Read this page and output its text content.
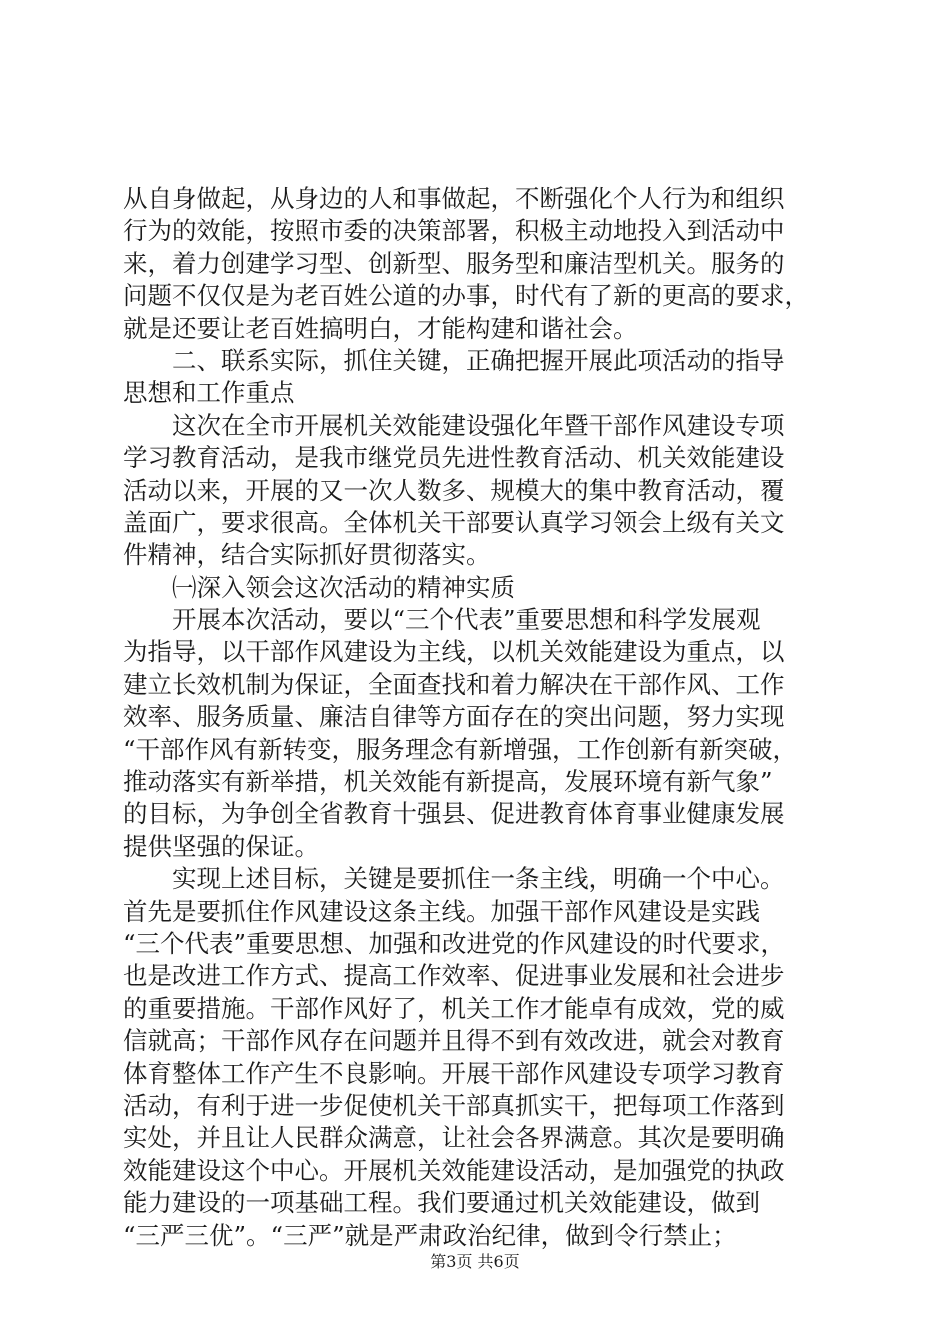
从自身做起，从身边的人和事做起，不断强化个人行为和组织
行为的效能，按照市委的决策部署，积极主动地投入到活动中
来，着力创建学习型、创新型、服务型和廉洁型机关。服务的
问题不仅仅是为老百姓公道的办事，时代有了新的更高的要求，
就是还要让老百姓搞明白，才能构建和谐社会。
二、联系实际，抓住关键，正确把握开展此项活动的指导
思想和工作重点
这次在全市开展机关效能建设强化年暨干部作风建设专项
学习教育活动，是我市继党员先进性教育活动、机关效能建设
活动以来，开展的又一次人数多、规模大的集中教育活动，覆
盖面广，要求很高。全体机关干部要认真学习领会上级有关文
件精神，结合实际抓好贯彻落实。
㈠深入领会这次活动的精神实质
开展本次活动，要以“三个代表”重要思想和科学发展观
为指导，以干部作风建设为主线，以机关效能建设为重点，以
建立长效机制为保证，全面查找和着力解决在干部作风、工作
效率、服务质量、廉洁自律等方面存在的突出问题，努力实现
“干部作风有新转变，服务理念有新增强，工作创新有新突破，
推动落实有新举措，机关效能有新提高，发展环境有新气象”
的目标，为争创全省教育十强县、促进教育体育事业健康发展
提供坚强的保证。
实现上述目标，关键是要抓住一条主线，明确一个中心。
首先是要抓住作风建设这条主线。加强干部作风建设是实践
“三个代表”重要思想、加强和改进党的作风建设的时代要求，
也是改进工作方式、提高工作效率、促进事业发展和社会进步
的重要措施。干部作风好了，机关工作才能卓有成效，党的威
信就高；干部作风存在问题并且得不到有效改进，就会对教育
体育整体工作产生不良影响。开展干部作风建设专项学习教育
活动，有利于进一步促使机关干部真抓实干，把每项工作落到
实处，并且让人民群众满意，让社会各界满意。其次是要明确
效能建设这个中心。开展机关效能建设活动，是加强党的执政
能力建设的一项基础工程。我们要通过机关效能建设，做到
“三严三优”。“三严”就是严肃政治纪律，做到令行禁止；
第3页 共6页
